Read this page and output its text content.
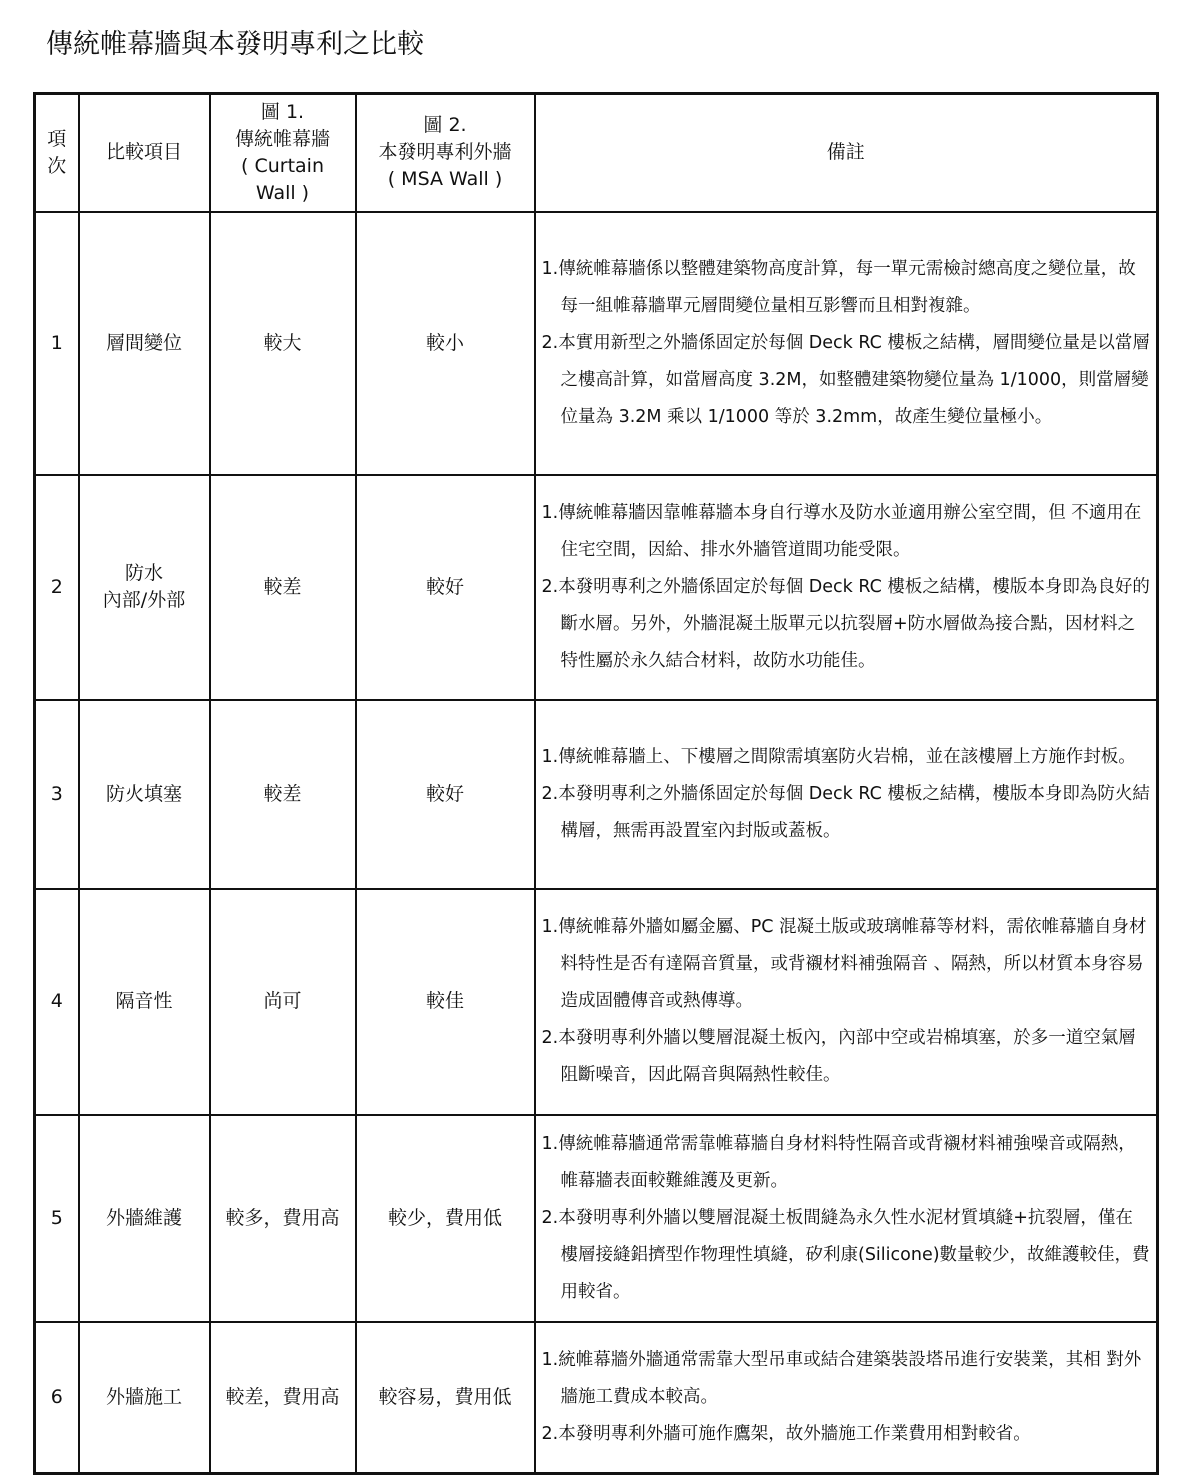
傳統帷幕牆與本發明專利之比較
項
次	比較項目	圖 1.
傳統帷幕牆
( Curtain
Wall )	圖 2.
本發明專利外牆
( MSA Wall )	備註
1	層間變位	較大	較小	1.傳統帷幕牆係以整體建築物高度計算，每一單元需檢討總高度之變位量，故每一組帷幕牆單元層間變位量相互影響而且相對複雜。
2.本實用新型之外牆係固定於每個 Deck RC 樓板之結構，層間變位量是以當層之樓高計算，如當層高度 3.2M，如整體建築物變位量為 1/1000，則當層變位量為 3.2M 乘以 1/1000 等於 3.2mm，故產生變位量極小。

2	防水
內部/外部	較差	較好	1.傳統帷幕牆因靠帷幕牆本身自行導水及防水並適用辦公室空間，但 不適用在住宅空間，因給、排水外牆管道間功能受限。
2.本發明專利之外牆係固定於每個 Deck RC 樓板之結構，樓版本身即為良好的斷水層。另外，外牆混凝土版單元以抗裂層+防水層做為接合點，因材料之特性屬於永久結合材料，故防水功能佳。

3	防火填塞	較差	較好	1.傳統帷幕牆上、下樓層之間隙需填塞防火岩棉，並在該樓層上方施作封板。
2.本發明專利之外牆係固定於每個 Deck RC 樓板之結構，樓版本身即為防火結構層，無需再設置室內封版或蓋板。

4	隔音性	尚可	較佳	1.傳統帷幕外牆如屬金屬、PC 混凝土版或玻璃帷幕等材料，需依帷幕牆自身材料特性是否有達隔音質量，或背襯材料補強隔音 、隔熱，所以材質本身容易造成固體傳音或熱傳導。
2.本發明專利外牆以雙層混凝土板內，內部中空或岩棉填塞，於多一道空氣層阻斷噪音，因此隔音與隔熱性較佳。

5	外牆維護	較多，費用高	較少，費用低	1.傳統帷幕牆通常需靠帷幕牆自身材料特性隔音或背襯材料補強噪音或隔熱，帷幕牆表面較難維護及更新。
2.本發明專利外牆以雙層混凝土板間縫為永久性水泥材質填縫+抗裂層，僅在樓層接縫鋁擠型作物理性填縫，矽利康(Silicone)數量較少，故維護較佳，費用較省。

6	外牆施工	較差，費用高	較容易，費用低	1.統帷幕牆外牆通常需靠大型吊車或結合建築裝設塔吊進行安裝業，其相 對外牆施工費成本較高。
2.本發明專利外牆可施作鷹架，故外牆施工作業費用相對較省。
